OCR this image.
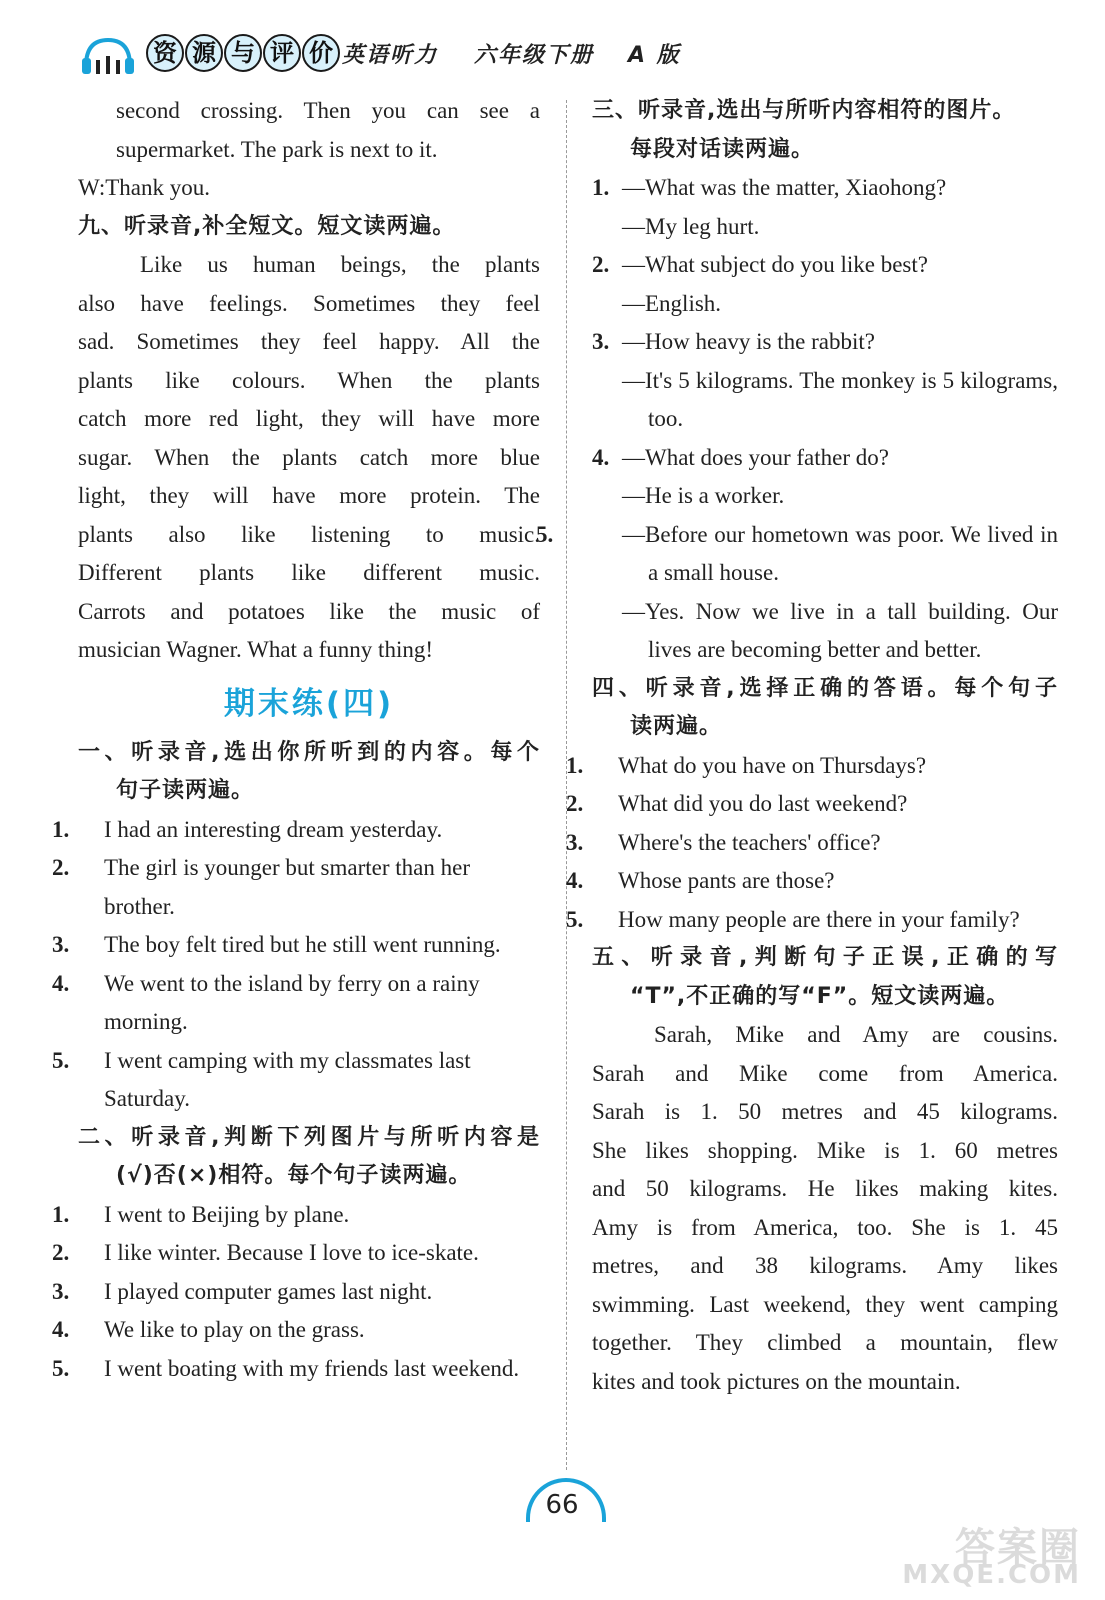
资 源 与 评 价 英语听力 六年级下册 A 版

second crossing. Then you can see a

supermarket. The park is next to it.

W:Thank you.

九、听录音,补全短文。短文读两遍。

Like us human beings, the plants

also have feelings. Sometimes they feel

sad. Sometimes they feel happy. All the

plants like colours. When the plants

catch more red light, they will have more

sugar. When the plants catch more blue

light, they will have more protein. The

plants also like listening to music.

Different plants like different music.

Carrots and potatoes like the music of

musician Wagner. What a funny thing!

期末练(四)

一、听录音,选出你所听到的内容。每个

句子读两遍。

1. I had an interesting dream yesterday.

2. The girl is younger but smarter than her brother.

3. The boy felt tired but he still went running.

4. We went to the island by ferry on a rainy morning.

5. I went camping with my classmates last Saturday.

二、听录音,判断下列图片与所听内容是

(√)否(×)相符。每个句子读两遍。

1. I went to Beijing by plane.

2. I like winter. Because I love to ice-skate.

3. I played computer games last night.

4. We like to play on the grass.

5. I went boating with my friends last weekend.

三、听录音,选出与所听内容相符的图片。

每段对话读两遍。

1. —What was the matter, Xiaohong?

—My leg hurt.

2. —What subject do you like best?

—English.

3. —How heavy is the rabbit?

—It's 5 kilograms. The monkey is 5 kilograms, too.

4. —What does your father do?

—He is a worker.

5.	—Before our hometown was poor. We lived in a small house.

—Yes. Now we live in a tall building. Our lives are becoming better and better.

四、听录音,选择正确的答语。每个句子

读两遍。

1. What do you have on Thursdays?

2. What did you do last weekend?

3. Where's the teachers' office?

4. Whose pants are those?

5. How many people are there in your family?

五、听录音,判断句子正误,正确的写

“T”,不正确的写“F”。短文读两遍。

Sarah, Mike and Amy are cousins.

Sarah and Mike come from America.

Sarah is 1. 50 metres and 45 kilograms.

She likes shopping. Mike is 1. 60 metres

and 50 kilograms. He likes making kites.

Amy is from America, too. She is 1. 45

metres, and 38 kilograms. Amy likes

swimming. Last weekend, they went camping

together. They climbed a mountain, flew

kites and took pictures on the mountain.

66
答案圈
MXQE.COM
